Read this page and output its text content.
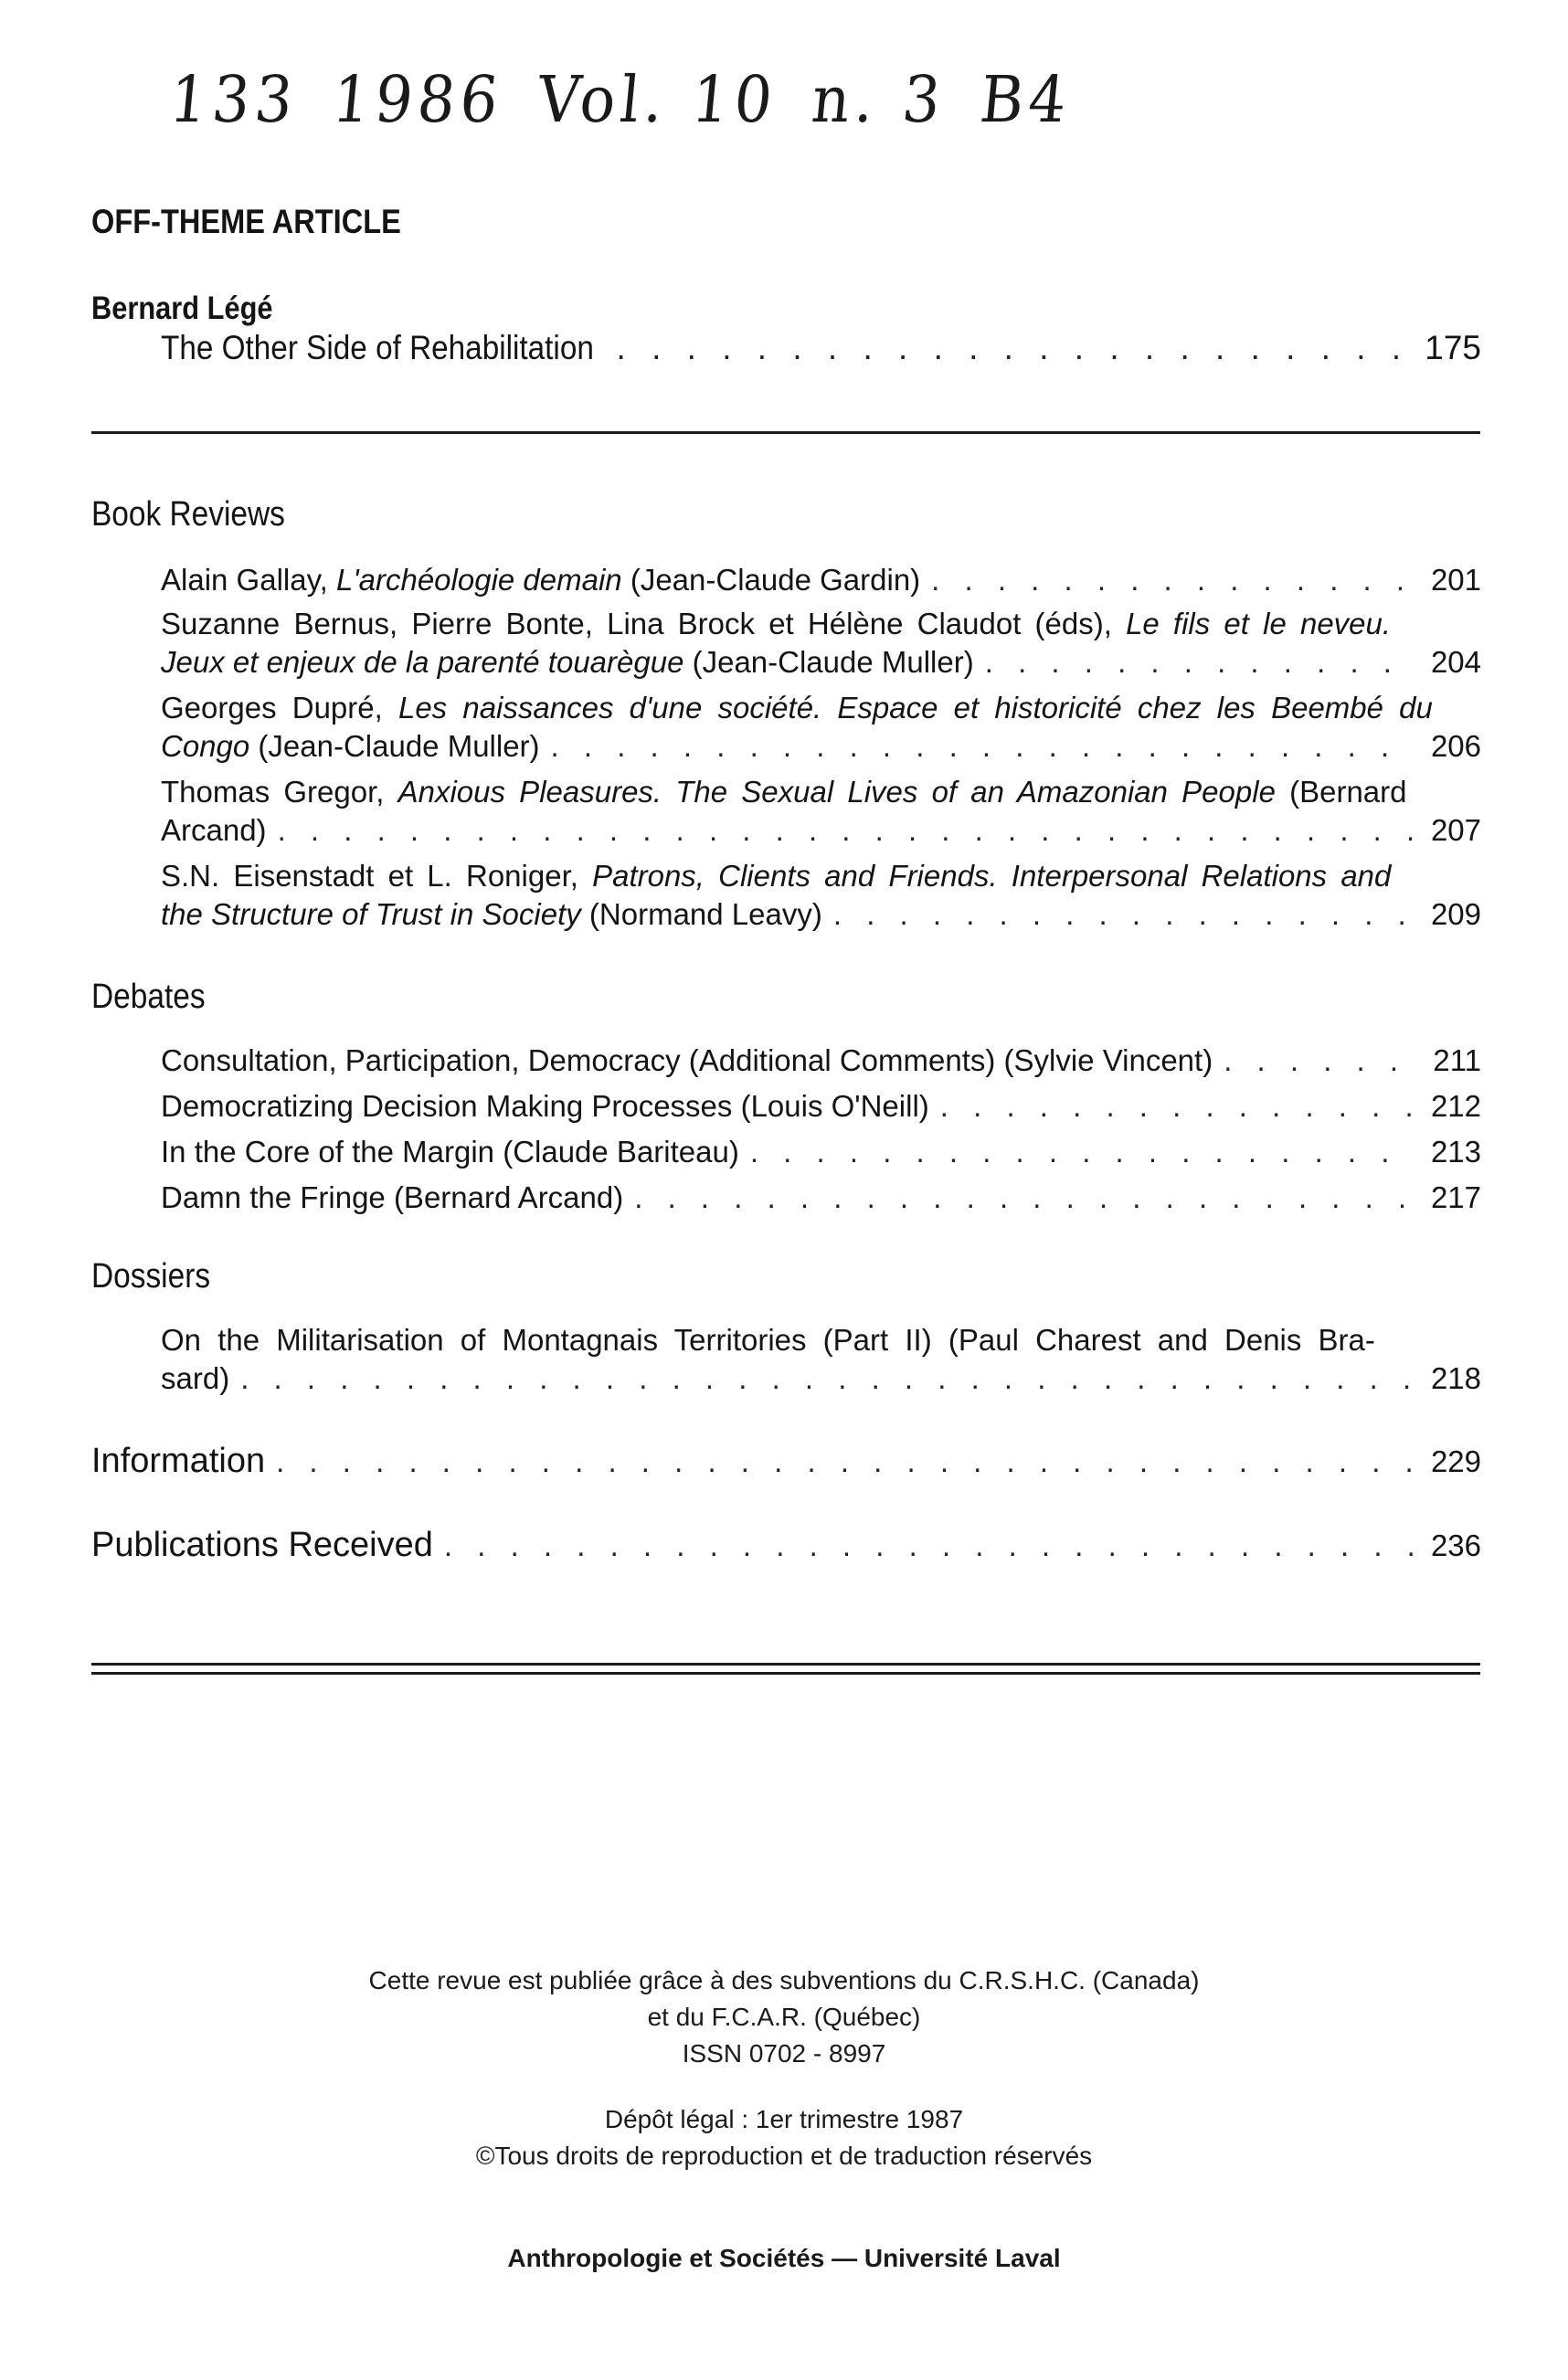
133 1986 Vol. 10 n. 3 B4
OFF-THEME ARTICLE
Bernard Légé
The Other Side of Rehabilitation . . .	175
Book Reviews
Alain Gallay, L'archéologie demain (Jean-Claude Gardin) . . .	201
Suzanne Bernus, Pierre Bonte, Lina Brock et Hélène Claudot (éds), Le fils et le neveu.
Jeux et enjeux de la parenté touarègue (Jean-Claude Muller) . . .	204
Georges Dupré, Les naissances d'une société. Espace et historicité chez les Beembé du
Congo (Jean-Claude Muller) . . .	206
Thomas Gregor, Anxious Pleasures. The Sexual Lives of an Amazonian People (Bernard
Arcand) . . .	207
S.N. Eisenstadt et L. Roniger, Patrons, Clients and Friends. Interpersonal Relations and
the Structure of Trust in Society (Normand Leavy) . . .	209
Debates
Consultation, Participation, Democracy (Additional Comments) (Sylvie Vincent) . . .	211
Democratizing Decision Making Processes (Louis O'Neill) . . .	212
In the Core of the Margin (Claude Bariteau) . . .	213
Damn the Fringe (Bernard Arcand) . . .	217
Dossiers
On the Militarisation of Montagnais Territories (Part II) (Paul Charest and Denis Bra-
sard) . . .	218
Information . . .	229
Publications Received . . .	236
Cette revue est publiée grâce à des subventions du C.R.S.H.C. (Canada)
et du F.C.A.R. (Québec)
ISSN 0702 - 8997
Dépôt légal : 1er trimestre 1987
©Tous droits de reproduction et de traduction réservés
Anthropologie et Sociétés — Université Laval
